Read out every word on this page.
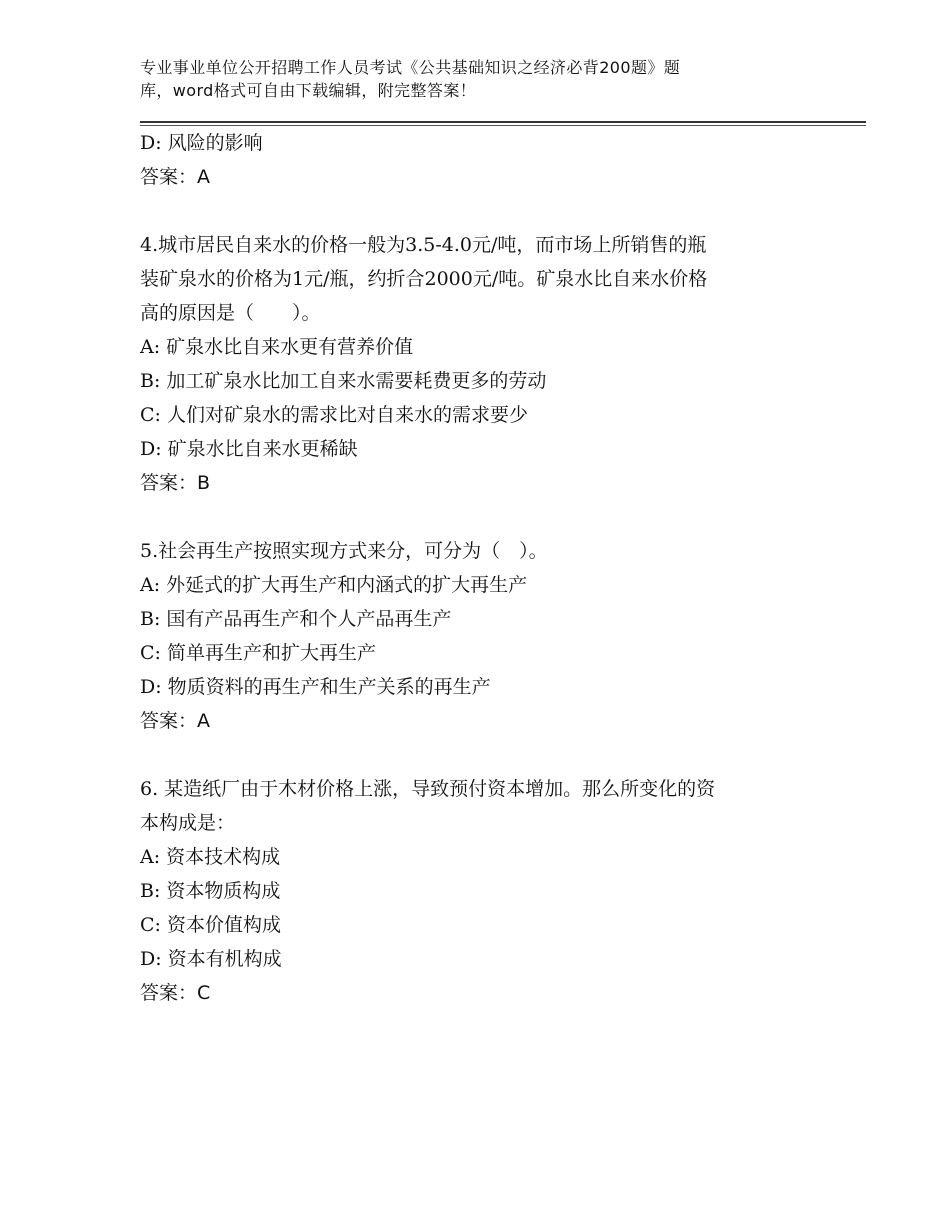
专业事业单位公开招聘工作人员考试《公共基础知识之经济必背200题》题
库，word格式可自由下载编辑，附完整答案！
D: 风险的影响
答案：A
4.城市居民自来水的价格一般为3.5-4.0元/吨，而市场上所销售的瓶
装矿泉水的价格为1元/瓶，约折合2000元/吨。矿泉水比自来水价格
高的原因是（　　）。
A: 矿泉水比自来水更有营养价值
B: 加工矿泉水比加工自来水需要耗费更多的劳动
C: 人们对矿泉水的需求比对自来水的需求要少
D: 矿泉水比自来水更稀缺
答案：B
5.社会再生产按照实现方式来分，可分为（　）。
A: 外延式的扩大再生产和内涵式的扩大再生产
B: 国有产品再生产和个人产品再生产
C: 简单再生产和扩大再生产
D: 物质资料的再生产和生产关系的再生产
答案：A
6. 某造纸厂由于木材价格上涨，导致预付资本增加。那么所变化的资
本构成是：
A: 资本技术构成
B: 资本物质构成
C: 资本价值构成
D: 资本有机构成
答案：C
